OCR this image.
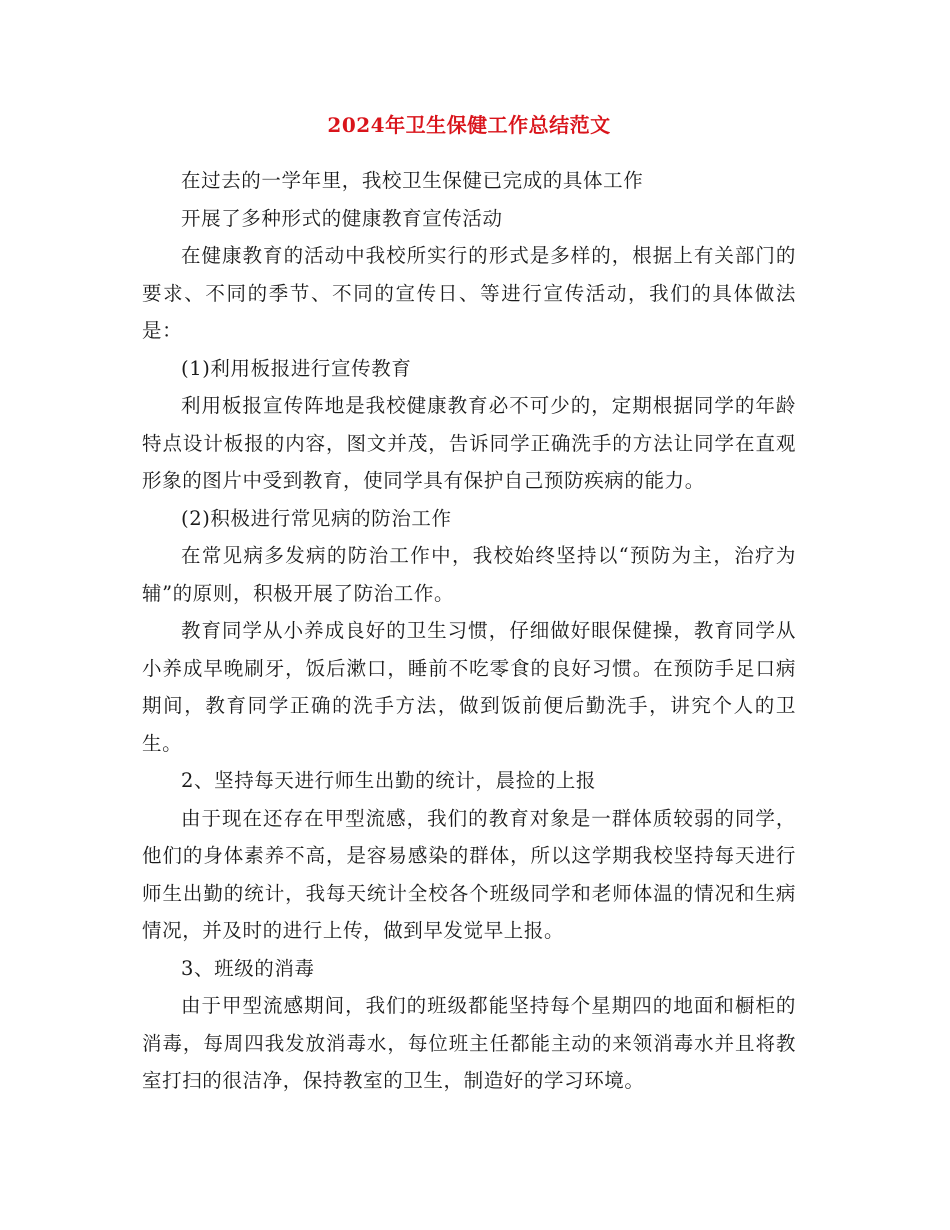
2024年卫生保健工作总结范文

在过去的一学年里，我校卫生保健已完成的具体工作

开展了多种形式的健康教育宣传活动

在健康教育的活动中我校所实行的形式是多样的，根据上有关部门的要求、不同的季节、不同的宣传日、等进行宣传活动，我们的具体做法是：

(1)利用板报进行宣传教育

利用板报宣传阵地是我校健康教育必不可少的，定期根据同学的年龄特点设计板报的内容，图文并茂，告诉同学正确洗手的方法让同学在直观形象的图片中受到教育，使同学具有保护自己预防疾病的能力。

(2)积极进行常见病的防治工作

在常见病多发病的防治工作中，我校始终坚持以“预防为主，治疗为辅”的原则，积极开展了防治工作。

教育同学从小养成良好的卫生习惯，仔细做好眼保健操，教育同学从小养成早晚刷牙，饭后漱口，睡前不吃零食的良好习惯。在预防手足口病期间，教育同学正确的洗手方法，做到饭前便后勤洗手，讲究个人的卫生。

2、坚持每天进行师生出勤的统计，晨捡的上报

由于现在还存在甲型流感，我们的教育对象是一群体质较弱的同学，他们的身体素养不高，是容易感染的群体，所以这学期我校坚持每天进行师生出勤的统计，我每天统计全校各个班级同学和老师体温的情况和生病情况，并及时的进行上传，做到早发觉早上报。

3、班级的消毒

由于甲型流感期间，我们的班级都能坚持每个星期四的地面和橱柜的消毒，每周四我发放消毒水，每位班主任都能主动的来领消毒水并且将教室打扫的很洁净，保持教室的卫生，制造好的学习环境。
